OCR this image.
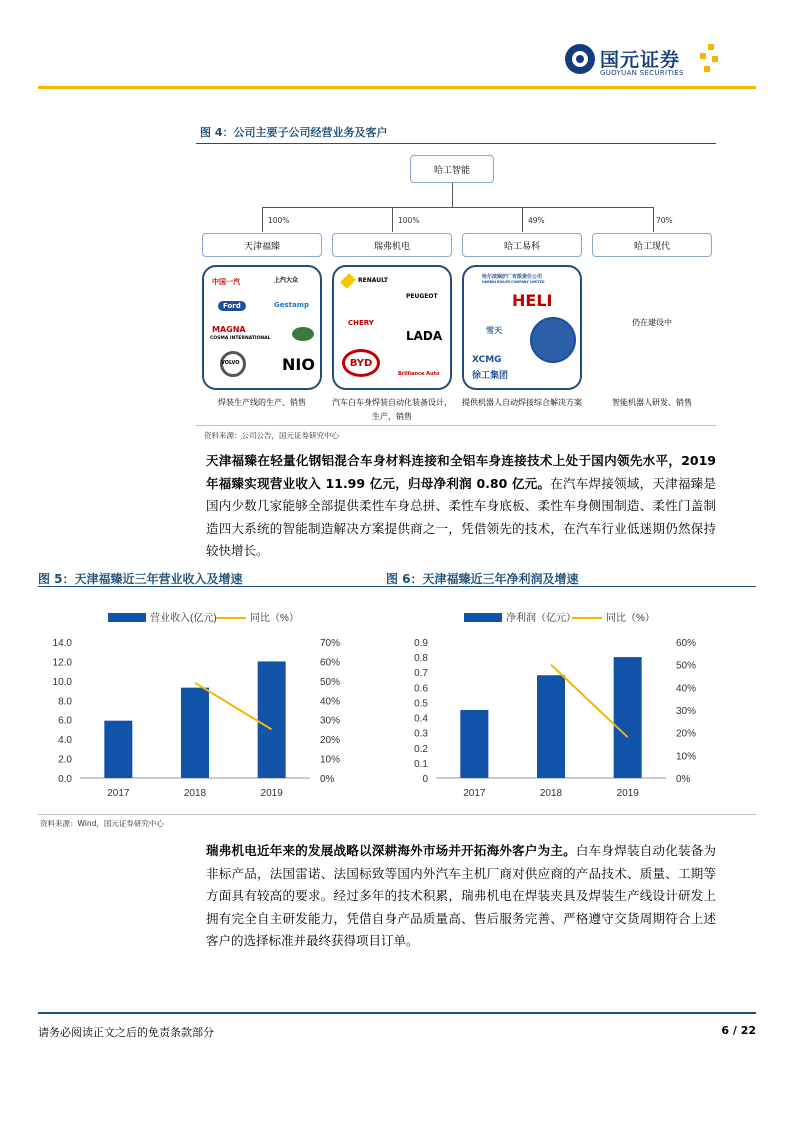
国元证券
GUOYUAN SECURITIES
图 4：公司主要子公司经营业务及客户
哈工智能
100%	100%	49%	70%
天津福臻	瑞弗机电	哈工易科	哈工现代
中国一汽	上汽大众
Ford	Gestamp
MAGNA
COSMA INTERNATIONAL
VOLVO	NIO
RENAULT
PEUGEOT
CHERY
LADA
BYD
Brilliance Auto
哈尔滨锅炉厂有限责任公司
HARBIN BOILER COMPANY LIMITED
HELI
雪天
XCMG
徐工集团
仍在建设中
焊装生产线的生产、销售	汽车白车身焊装自动化装备设计，生产，销售
提供机器人自动焊接综合解决方案	智能机器人研发、销售
资料来源：公司公告，国元证券研究中心
天津福臻在轻量化钢铝混合车身材料连接和全铝车身连接技术上处于国内领先水平，2019 年福臻实现营业收入 11.99 亿元，归母净利润 0.80 亿元。在汽车焊接领域，天津福臻是国内少数几家能够全部提供柔性车身总拼、柔性车身底板、柔性车身侧围制造、柔性门盖制造四大系统的智能制造解决方案提供商之一，凭借领先的技术，在汽车行业低迷期仍然保持较快增长。
图 5：天津福臻近三年营业收入及增速	图 6：天津福臻近三年净利润及增速
营业收入(亿元)	同比（%）
0.0
2.0
4.0
6.0
8.0
10.0
12.0
14.0
0%
10%
20%
30%
40%
50%
60%
70%
2017	2018	2019
净利润（亿元）	同比（%）
0
0.1
0.2
0.3
0.4
0.5
0.6
0.7
0.8
0.9
0%
10%
20%
30%
40%
50%
60%
2017	2018	2019
资料来源：Wind，国元证券研究中心
瑞弗机电近年来的发展战略以深耕海外市场并开拓海外客户为主。白车身焊装自动化装备为非标产品，法国雷诺、法国标致等国内外汽车主机厂商对供应商的产品技术、质量、工期等方面具有较高的要求。经过多年的技术积累，瑞弗机电在焊装夹具及焊装生产线设计研发上拥有完全自主研发能力，凭借自身产品质量高、售后服务完善、严格遵守交货周期符合上述客户的选择标准并最终获得项目订单。
请务必阅读正文之后的免责条款部分	6 / 22
